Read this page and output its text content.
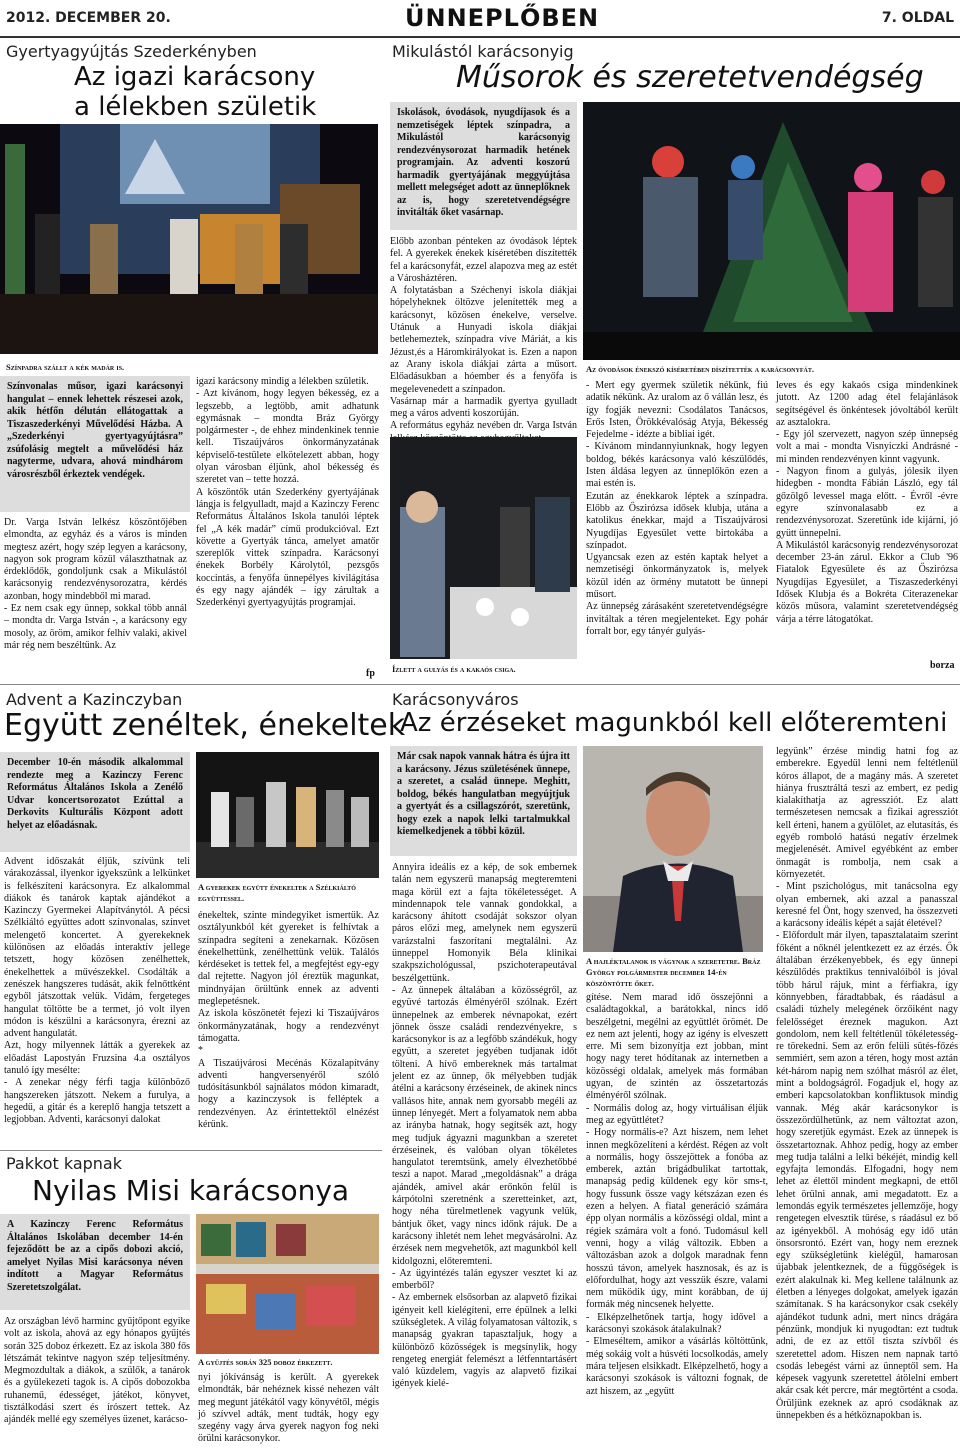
2012. DECEMBER 20.	ÜNNEPLŐBEN	7. OLDAL
Gyertyagyújtás Szederkényben
Az igazi karácsony
a lélekben születik
Színpadra szállt a kék madár is.
Színvonalas műsor, igazi karácsonyi hangulat – ennek lehettek részesei azok, akik hétfőn délután ellátogattak a Tiszaszederkényi Művelődési Házba. A „Szederkényi gyertyagyújtásra” zsúfolásig megtelt a művelődési ház nagyterme, udvara, ahová mindhárom városrészből érkeztek vendégek.
Dr. Varga István lelkész köszöntőjében elmondta, az egyház és a város is minden megtesz azért, hogy szép legyen a karácsony, nagyon sok program közül választhatnak az érdeklődők, gondoljunk csak a Mikulástól karácsonyig rendezvénysorozatra, kérdés azonban, hogy mindebből mi marad.
- Ez nem csak egy ünnep, sokkal több annál – mondta dr. Varga István -, a karácsony egy mosoly, az öröm, amikor felhív valaki, akivel már rég nem beszéltünk. Az
igazi karácsony mindig a lélekben születik.
- Azt kívánom, hogy legyen békesség, ez a legszebb, a legtöbb, amit adhatunk egymásnak – mondta Bráz György polgármester -, de ehhez mindenkinek tennie kell. Tiszaújváros önkormányzatának képviselő-testülete elkötelezett abban, hogy olyan városban éljünk, ahol békesség és szeretet van – tette hozzá.
A köszöntők után Szederkény gyertyájának lángja is felgyulladt, majd a Kazinczy Ferenc Református Általános Iskola tanulói léptek fel „A kék madár” című produkcióval. Ezt követte a Gyertyák tánca, amelyet amatőr szereplők vittek színpadra. Karácsonyi énekek Borbély Károlytól, pezsgős koccintás, a fenyőfa ünnepélyes kivilágítása és egy nagy ajándék – így zárultak a Szederkényi gyertyagyújtás programjai.
fp
Mikulástól karácsonyig
Műsorok és szeretetvendégség
Iskolások, óvodások, nyugdíjasok és a nemzetiségek léptek színpadra, a Mikulástól karácsonyig rendezvénysorozat harmadik hetének programjain. Az adventi koszorú harmadik gyertyájának meggyújtása mellett melegséget adott az ünneplőknek az is, hogy szeretetvendégségre invitálták őket vasárnap.
Az óvodások énekszó kíséretében díszítették a karácsonyfát.
Előbb azonban pénteken az óvodások léptek fel. A gyerekek énekek kíséretében díszítették fel a karácsonyfát, ezzel alapozva meg az estét a Városháztéren.
A folytatásban a Széchenyi iskola diákjai hópelyheknek öltözve jelenítették meg a karácsonyt, közösen énekelve, verselve. Utánuk a Hunyadi iskola diákjai betlehemeztek, színpadra víve Máriát, a kis Jézust,és a Háromkirályokat is. Ezen a napon az Arany iskola diákjai zárta a műsort. Előadásukban a hóember és a fenyőfa is megelevenedett a színpadon.
Vasárnap már a harmadik gyertya gyulladt meg a város adventi koszorúján.
A református egyház nevében dr. Varga István
Ízlett a gulyás és a kakaós csiga.
- Mert egy gyermek születik nékünk, fiú adatik nékünk. Az uralom az ő vállán lesz, és így fogják nevezni: Csodálatos Tanácsos, Erős Isten, Örökkévalóság Atyja, Békesség Fejedelme - idézte a bibliai igét.
- Kívánom mindannyiunknak, hogy legyen boldog, békés karácsonya való készülődés, Isten áldása legyen az ünneplőkön ezen a mai estén is.
Ezután az énekkarok léptek a színpadra. Előbb az Őszirózsa idősek klubja, utána a katolikus énekkar, majd a Tiszaújvárosi Nyugdíjas Egyesület vette birtokába a színpadot.
Ugyancsak ezen az estén kaptak helyet a nemzetiségi önkormányzatok is, melyek közül idén az örmény mutatott be ünnepi műsort.
Az ünnepség zárásaként szeretetvendégségre invitáltak a téren megjelenteket. Egy pohár forralt bor, egy tányér gulyás-
leves és egy kakaós csiga mindenkinek jutott. Az 1200 adag étel felajánlások segítségével és önkéntesek jóvoltából került az asztalokra.
- Egy jól szervezett, nagyon szép ünnepség volt a mai - mondta Visnyiczki Andrásné - mi minden rendezvényen kinnt vagyunk.
- Nagyon finom a gulyás, jólesik ilyen hidegben - mondta Fábián László, egy tál gőzölgő levessel maga előtt. - Évről -évre egyre színvonalasabb ez a rendezvénysorozat. Szeretünk ide kijárni, jó gyütt ünnepelni.
A Mikulástól karácsonyig rendezvénysorozat december 23-án zárul. Ekkor a Club '96 Fiatalok Egyesülete és az Őszirózsa Nyugdíjas Egyesület, a Tiszaszederkényi Idősek Klubja és a Bokréta Citerazenekar közös műsora, valamint szeretetvendégség várja a térre látogatókat.
borza
Advent a Kazinczyban
Együtt zenéltek, énekeltek
December 10-én második alkalommal rendezte meg a Kazinczy Ferenc Református Általános Iskola a Zenélő Udvar koncertsorozatot Ezúttal a Derkovits Kulturális Központ adott helyet az előadásnak.
A gyerekek együtt énekeltek a Szélkiáltó együttessel.
Advent időszakát éljük, szívünk teli várakozással, ilyenkor igyekszünk a lelkünket is felkészíteni karácsonyra. Ez alkalommal diákok és tanárok kaptak ajándékot a Kazinczy Gyermekei Alapítványtól. A pécsi Szélkiáltó együttes adott színvonalas, színvet melengető koncertet. A gyerekeknek különösen az előadás interaktív jellege tetszett, hogy közösen zenélhettek, énekelhettek a művészekkel. Csodálták a zenészek hangszeres tudását, akik felnőttként egyből játszottak velük. Vidám, fergeteges hangulat töltötte be a termet, jó volt ilyen módon is készülni a karácsonyra, érezni az advent hangulatát.
Azt, hogy milyennek látták a gyerekek az előadást Lapostyán Fruzsina 4.a osztályos tanuló így meséltе:
- A zenekar négy férfi tagja különböző hangszereken játszott. Nekem a furulya, a hegedű, a gitár és a kereplő hangja tetszett a legjobban. Adventi, karácsonyi dalokat
énekeltek, szinte mindegyiket ismertük. Az osztályunkból két gyereket is felhívtak a színpadra segíteni a zenekarnak. Közösen énekelhettünk, zenélhettünk velük. Találós kérdéseket is tettek fel, a megfejtést egy-egy dal rejtette. Nagyon jól éreztük magunkat, mindnyájan örültünk ennek az adventi meglepetésnek.
Az iskola köszönetét fejezi ki Tiszaújváros önkormányzatának, hogy a rendezvényt támogatta.
*
A Tiszaújvárosi Mecénás Közalapítvány adventi hangversenyéről szóló tudósításunkból sajnálatos módon kimaradt, hogy a kazinczysok is felléptek a rendezvényen. Az érintettektől elnézést kérünk.
Pakkot kapnak
Nyilas Misi karácsonya
A Kazinczy Ferenc Református Általános Iskolában december 14-én fejeződött be az a cipős dobozi akció, amelyet Nyilas Misi karácsonya néven indított a Magyar Református Szeretetszolgálat.
A gyűjtés során 325 doboz érkezett.
Az országban lévő harminc gyűjtőpont egyike volt az iskola, ahová az egy hónapos gyűjtés során 325 doboz érkezett. Ez az iskola 380 fős létszámát tekintve nagyon szép teljesítmény. Megmozdultak a diákok, a szülők, a tanárok és a gyülekezeti tagok is. A cipős dobozokba ruhanemű, édességet, játékot, könyvet, tisztálkodási szert és írószert tettek. Az ajándék mellé egy személyes üzenet, karácso-
nyi jókívánság is került. A gyerekek elmondták, bár nehéznek kissé nehezen vált meg megunt játékától vagy könyvétől, mégis jó szívvel adták, ment tudták, hogy egy szegény vagy árva gyerek nagyon fog neki örülni karácsonykor.
Karácsonyváros
Az érzéseket magunkból kell előteremteni
Már csak napok vannak hátra és újra itt a karácsony. Jézus születésének ünnepe, a szeretet, a család ünnepe. Meghitt, boldog, békés hangulatban megyújtjuk a gyertyát és a csillagszórót, szeretünk, hogy ezek a napok lelki tartalmukkal kiemelkedjenek a többi közül.
A hajléktalanok is vágynak a szeretetre. Bráz György polgármester december 14-én köszöntötte őket.
Annyira ideális ez a kép, de sok embernek talán nem egyszerű manapság megteremteni maga körül ezt a fajta tökéletességet. A mindennapok tele vannak gondokkal, a karácsony áhított csodáját sokszor olyan páros előzi meg, amelynek nem egyszerű varázstalni faszorítani megtalálni. Az ünneppel Homonyik Béla klinikai szakpszichológussal, pszichoterapeutával beszélgettünk.
- Az ünnepek általában a közösségről, az együvé tartozás élményéről szólnak. Ezért ünnepelnek az emberek névnapokat, ezért jönnek össze családi rendezvényekre, s karácsonykor is az a legfőbb szándékuk, hogy együtt, a szeretet jegyében tudjanak időt tölteni. A hívő embereknek más tartalmat jelent ez az ünnep, ők mélyebben tudják átélni a karácsony érzéseinek, de akinek nincs vallásos hite, annak nem gyorsabb megéli az ünnep lényegét. Mert a folyamatok nem abba az irányba hatnak, hogy segítsék azt, hogy meg tudjuk ágyazni magunkban a szeretet érzéseinek, és valóban olyan tökéletes hangulatot teremtsünk, amely élvezhetőbbé teszi a napot. Marad „megoldásnak” a drága ajándék, amivel akár erőnkön felül is kárpótolni szeretnénk a szeretteinket, azt, hogy néha türelmetlenek vagyunk velük, bántjuk őket, vagy nincs időnk rájuk. De a karácsony ihletét nem lehet megvásárolni. Az érzések nem megvehetők, azt magunkból kell kidolgozni, előteremteni.
- Az ügyintézés talán egyszer vesztet ki az emberből?
- Az embernek elsősorban az alapvető fizikai igényeit kell kielégíteni, erre épülnek a lelki szükségletek. A világ folyamatosan változik, s manapság gyakran tapasztaljuk, hogy a különböző közösségek is megsínylik, hogy rengeteg energiát felemészt a létfenntartásért való küzdelem, vagyis az alapvető fizikai igények kielé-
gítése. Nem marad idő összejönni a családtagokkal, a barátokkal, nincs idő beszélgetni, megélni az együttlét örömét. De ez nem azt jelenti, hogy az igény is elveszett erre. Mi sem bizonyítja ezt jobban, mint hogy nagy teret hódítanak az internetben a közösségi oldalak, amelyek más formában ugyan, de szintén az összetartozás élményéről szólnak.
- Normális dolog az, hogy virtuálisan éljük meg az együttlétet?
- Hogy normális-e? Azt hiszem, nem lehet innen megközelíteni a kérdést. Régen az volt a normális, hogy összejöttek a fonóba az emberek, aztán brigádbulikat tartottak, manapság pedig küldenek egy kör sms-t, hogy fussunk össze vagy kétszázan ezen és ezen a helyen. A fiatal generáció számára épp olyan normális a közösségi oldal, mint a régiek számára volt a fonó. Tudomásul kell venni, hogy a világ változik. Ebben a változásban azok a dolgok maradnak fenn hosszú távon, amelyek hasznosak, és az is előfordulhat, hogy azt vesszük észre, valami nem működik úgy, mint korábban, de új formák még nincsenek helyette.
- Elképzelhetőnek tartja, hogy idővel a karácsonyi szokások átalakulnak?
- Elmeséltem, amikor a vásárlás költöttünk, még sokáig volt a húsvéti locsolkodás, amely mára teljesen elsikkadt. Elképzelhető, hogy a karácsonyi szokások is változni fognak, de azt hiszem, az „együtt
legyünk” érzése mindig hatni fog az emberekre. Egyedül lenni nem feltétlenül kóros állapot, de a magány más. A szeretet hiánya frusztráltá teszi az embert, ez pedig kialakíthatja az agressziót. Ez alatt természetesen nemcsak a fizikai agressziót kell érteni, hanem a gyűlölet, az elutasítás, és egyéb romboló hatású negatív érzelmek megjelenését. Amivel egyébként az ember önmagát is rombolja, nem csak a környezetét.
- Mint pszichológus, mit tanácsolna egy olyan embernek, aki azzal a panasszal keresné fel Önt, hogy szenved, ha összezveti a karácsony ideális képét a saját életével?
- Előfordult már ilyen, tapasztalataim szerint főként a nőknél jelentkezett ez az érzés. Ők általában érzékenyebbek, és egy ünnepi készülődés praktikus tennivalóiból is jóval több hárul rájuk, mint a férfiakra, így könnyebben, fáradtabbak, és ráadásul a családi túzhely melegének örzőiként nagy felelősséget éreznek magukon. Azt gondolom, nem kell feltétlenül tökéletességre törekedni. Sem az erőn felüli sütés-főzés semmiért, sem azon a téren, hogy most aztán két-három napig nem szólhat másról az élet, mint a boldogságról. Fogadjuk el, hogy az emberi kapcsolatokban konfliktusok mindig vannak. Még akár karácsonykor is összezördülhetünk, az nem változtat azon, hogy szeretjük egymást. Ezek az ünnepek is összetartoznak. Ahhoz pedig, hogy az ember meg tudja találni a lelki békéjét, mindig kell egyfajta lemondás. Elfogadni, hogy nem lehet az élettől mindent megkapni, de ettől lehet örülni annak, ami megadatott. Ez a lemondás egyik természetes jellemzője, hogy rengetegen elvesztik tűrése, s ráadásul ez bő az igényekből. A mohóság egy idő után önsorsrontó. Ezért van, hogy nem ereznek egy szükségletünk kielégül, hamarosan újabbak jelentkeznek, de a függőségek is ezért alakulnak ki. Meg kellene találnunk az életben a lényeges dolgokat, amelyek igazán számítanak. S ha karácsonykor csak csekély ajándékot tudunk adni, mert nincs drágára pénzünk, mondjuk ki nyugodtan: ezt tudtuk adni, de ez az ettől tiszta szívből és szeretettel adom. Hiszen nem napnak tartó csodás lebegést várni az ünneptől sem. Ha képesek vagyunk szeretettel átölelni embert akár csak két percre, már megtörtént a csoda. Örüljünk ezeknek az apró csodáknak az ünnepekben és a hétköznapokban is.
